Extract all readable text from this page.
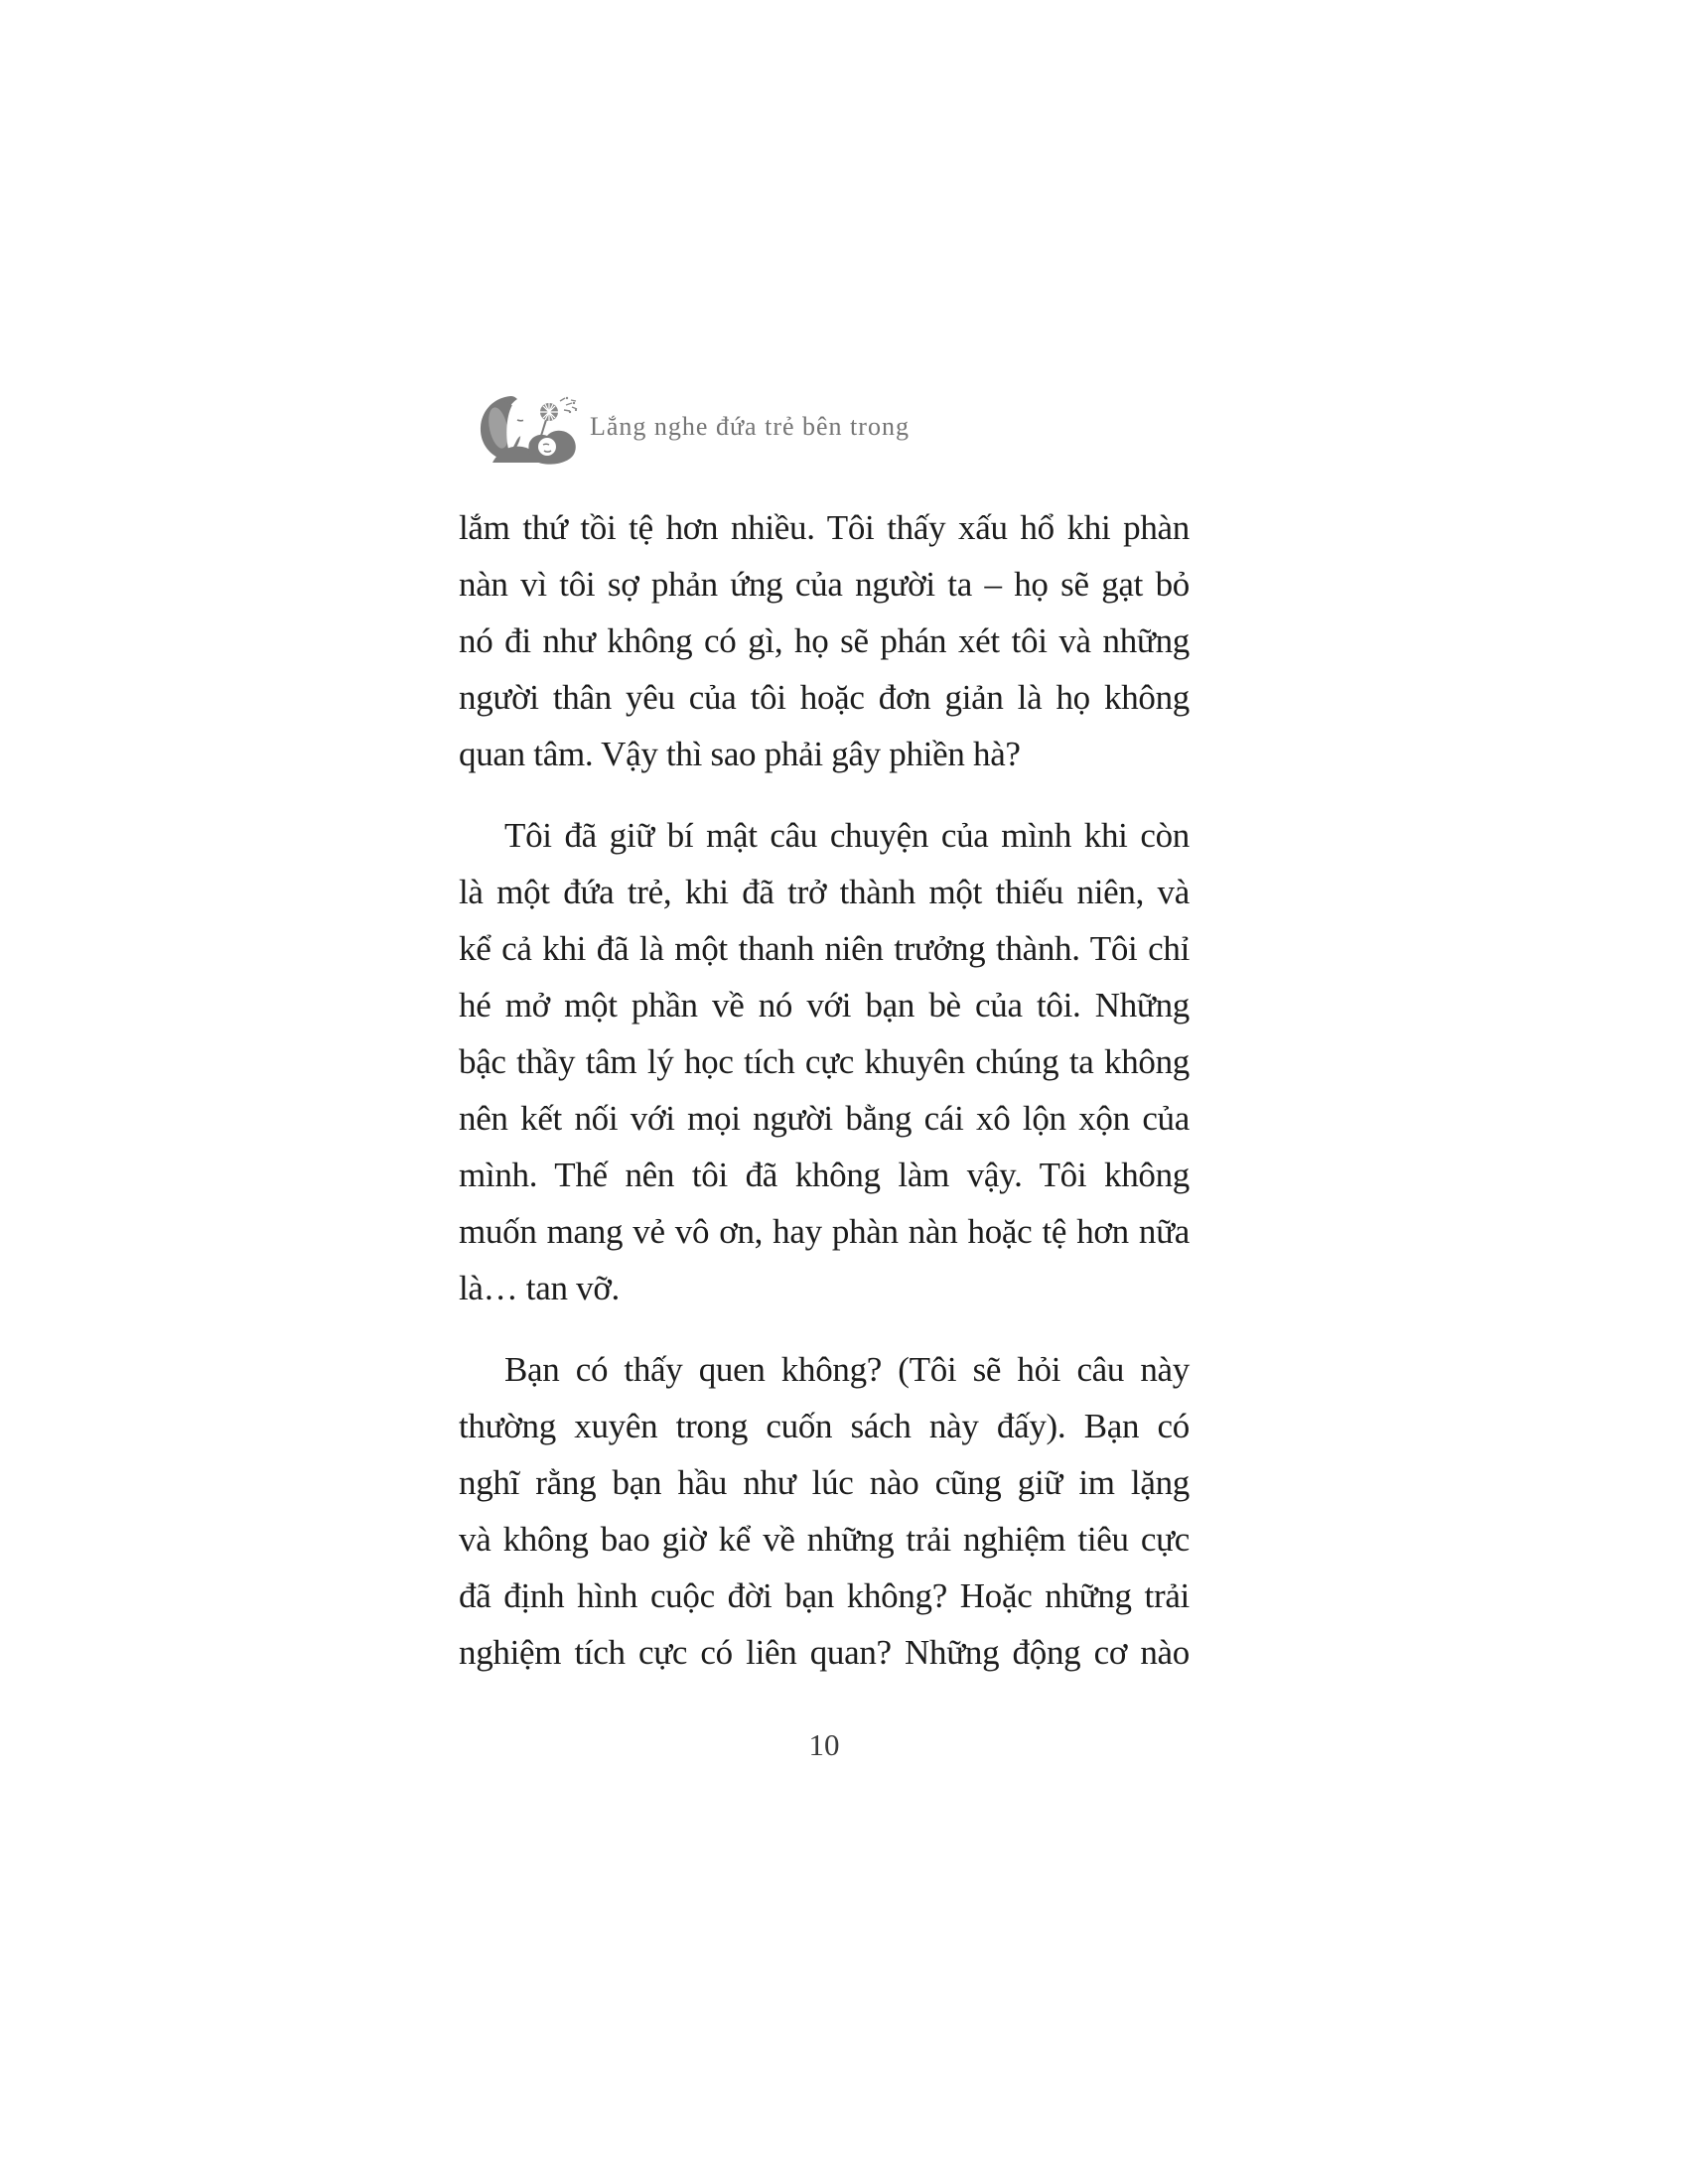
Lắng nghe đứa trẻ bên trong
lắm thứ tồi tệ hơn nhiều. Tôi thấy xấu hổ khi phàn
nàn vì tôi sợ phản ứng của người ta – họ sẽ gạt bỏ
nó đi như không có gì, họ sẽ phán xét tôi và những
người thân yêu của tôi hoặc đơn giản là họ không
quan tâm. Vậy thì sao phải gây phiền hà?
Tôi đã giữ bí mật câu chuyện của mình khi còn
là một đứa trẻ, khi đã trở thành một thiếu niên, và
kể cả khi đã là một thanh niên trưởng thành. Tôi chỉ
hé mở một phần về nó với bạn bè của tôi. Những
bậc thầy tâm lý học tích cực khuyên chúng ta không
nên kết nối với mọi người bằng cái xô lộn xộn của
mình. Thế nên tôi đã không làm vậy. Tôi không
muốn mang vẻ vô ơn, hay phàn nàn hoặc tệ hơn nữa
là… tan vỡ.
Bạn có thấy quen không? (Tôi sẽ hỏi câu này
thường xuyên trong cuốn sách này đấy). Bạn có
nghĩ rằng bạn hầu như lúc nào cũng giữ im lặng
và không bao giờ kể về những trải nghiệm tiêu cực
đã định hình cuộc đời bạn không? Hoặc những trải
nghiệm tích cực có liên quan? Những động cơ nào
10
